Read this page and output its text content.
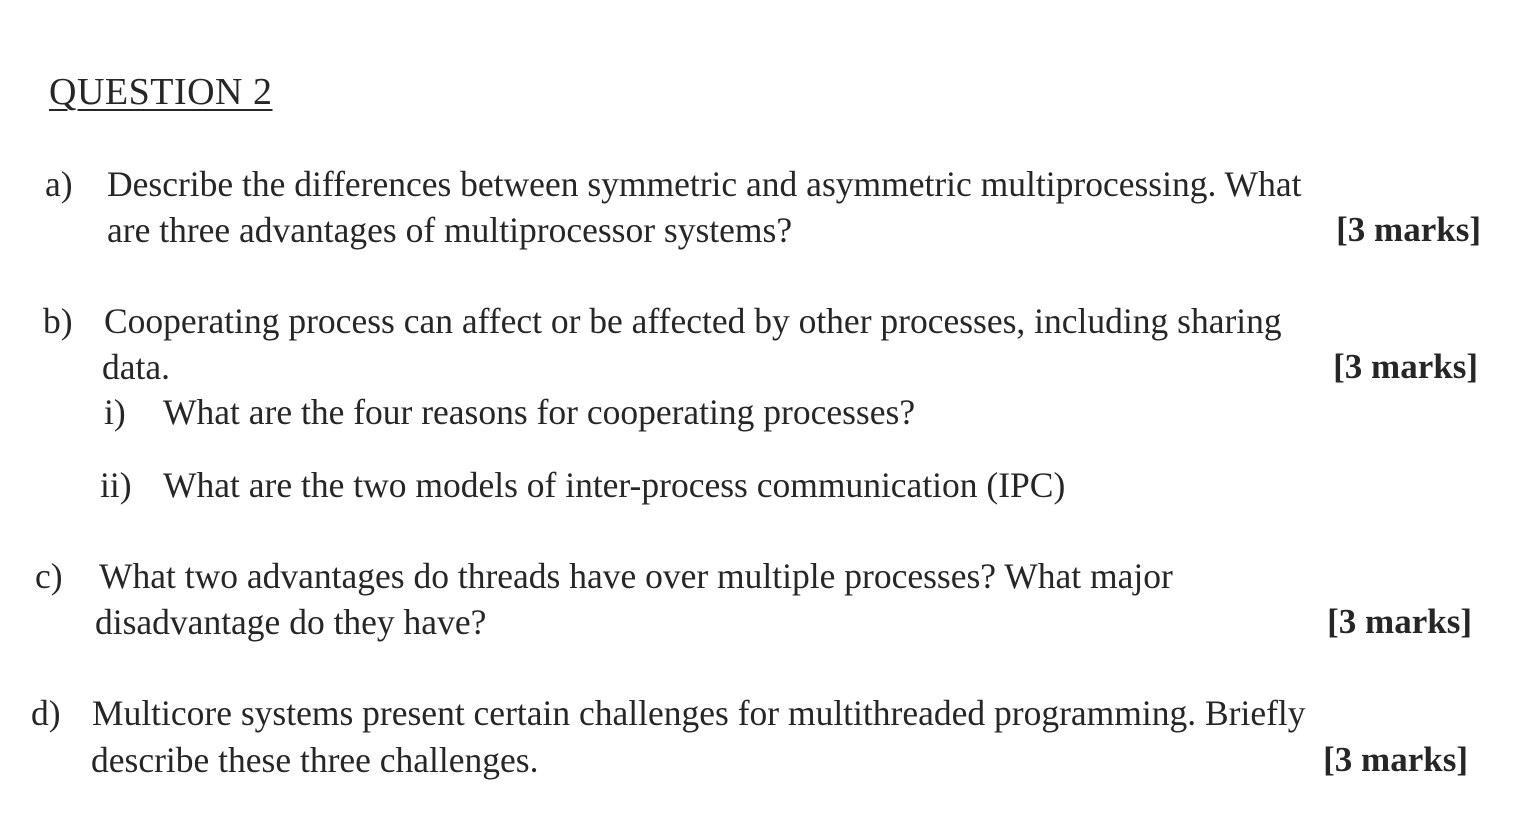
QUESTION 2
a) Describe the differences between symmetric and asymmetric multiprocessing. What
are three advantages of multiprocessor systems?	[3 marks]
b) Cooperating process can affect or be affected by other processes, including sharing
data.	[3 marks]
i) What are the four reasons for cooperating processes?
ii) What are the two models of inter-process communication (IPC)
c) What two advantages do threads have over multiple processes? What major
disadvantage do they have?	[3 marks]
d) Multicore systems present certain challenges for multithreaded programming. Briefly
describe these three challenges.	[3 marks]
